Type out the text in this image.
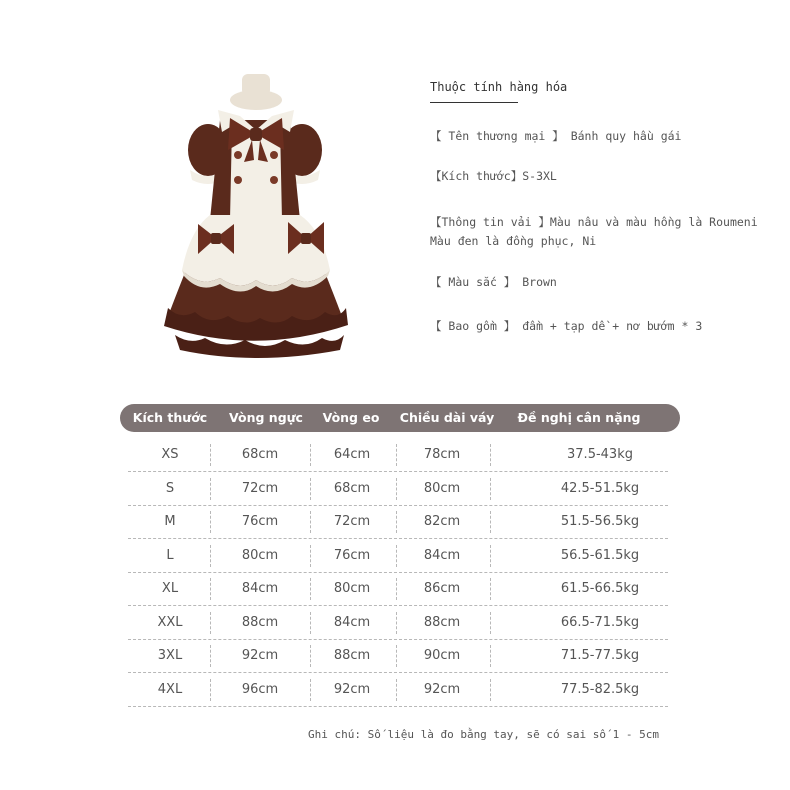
Thuộc tính hàng hóa
【 Tên thương mại 】 Bánh quy hầu gái
【Kích thước】S-3XL
【Thông tin vải 】Màu nâu và màu hồng là Roumeni
Màu đen là đồng phục, Ni
【 Màu sắc 】 Brown
【 Bao gồm 】 đầm + tạp dề + nơ bướm * 3
Kích thước	Vòng ngực	Vòng eo	Chiều dài váy	Đề nghị cân nặng
XS	68cm	64cm	78cm	37.5-43kg
S	72cm	68cm	80cm	42.5-51.5kg
M	76cm	72cm	82cm	51.5-56.5kg
L	80cm	76cm	84cm	56.5-61.5kg
XL	84cm	80cm	86cm	61.5-66.5kg
XXL	88cm	84cm	88cm	66.5-71.5kg
3XL	92cm	88cm	90cm	71.5-77.5kg
4XL	96cm	92cm	92cm	77.5-82.5kg
Ghi chú: Số liệu là đo bằng tay, sẽ có sai số 1 - 5cm
